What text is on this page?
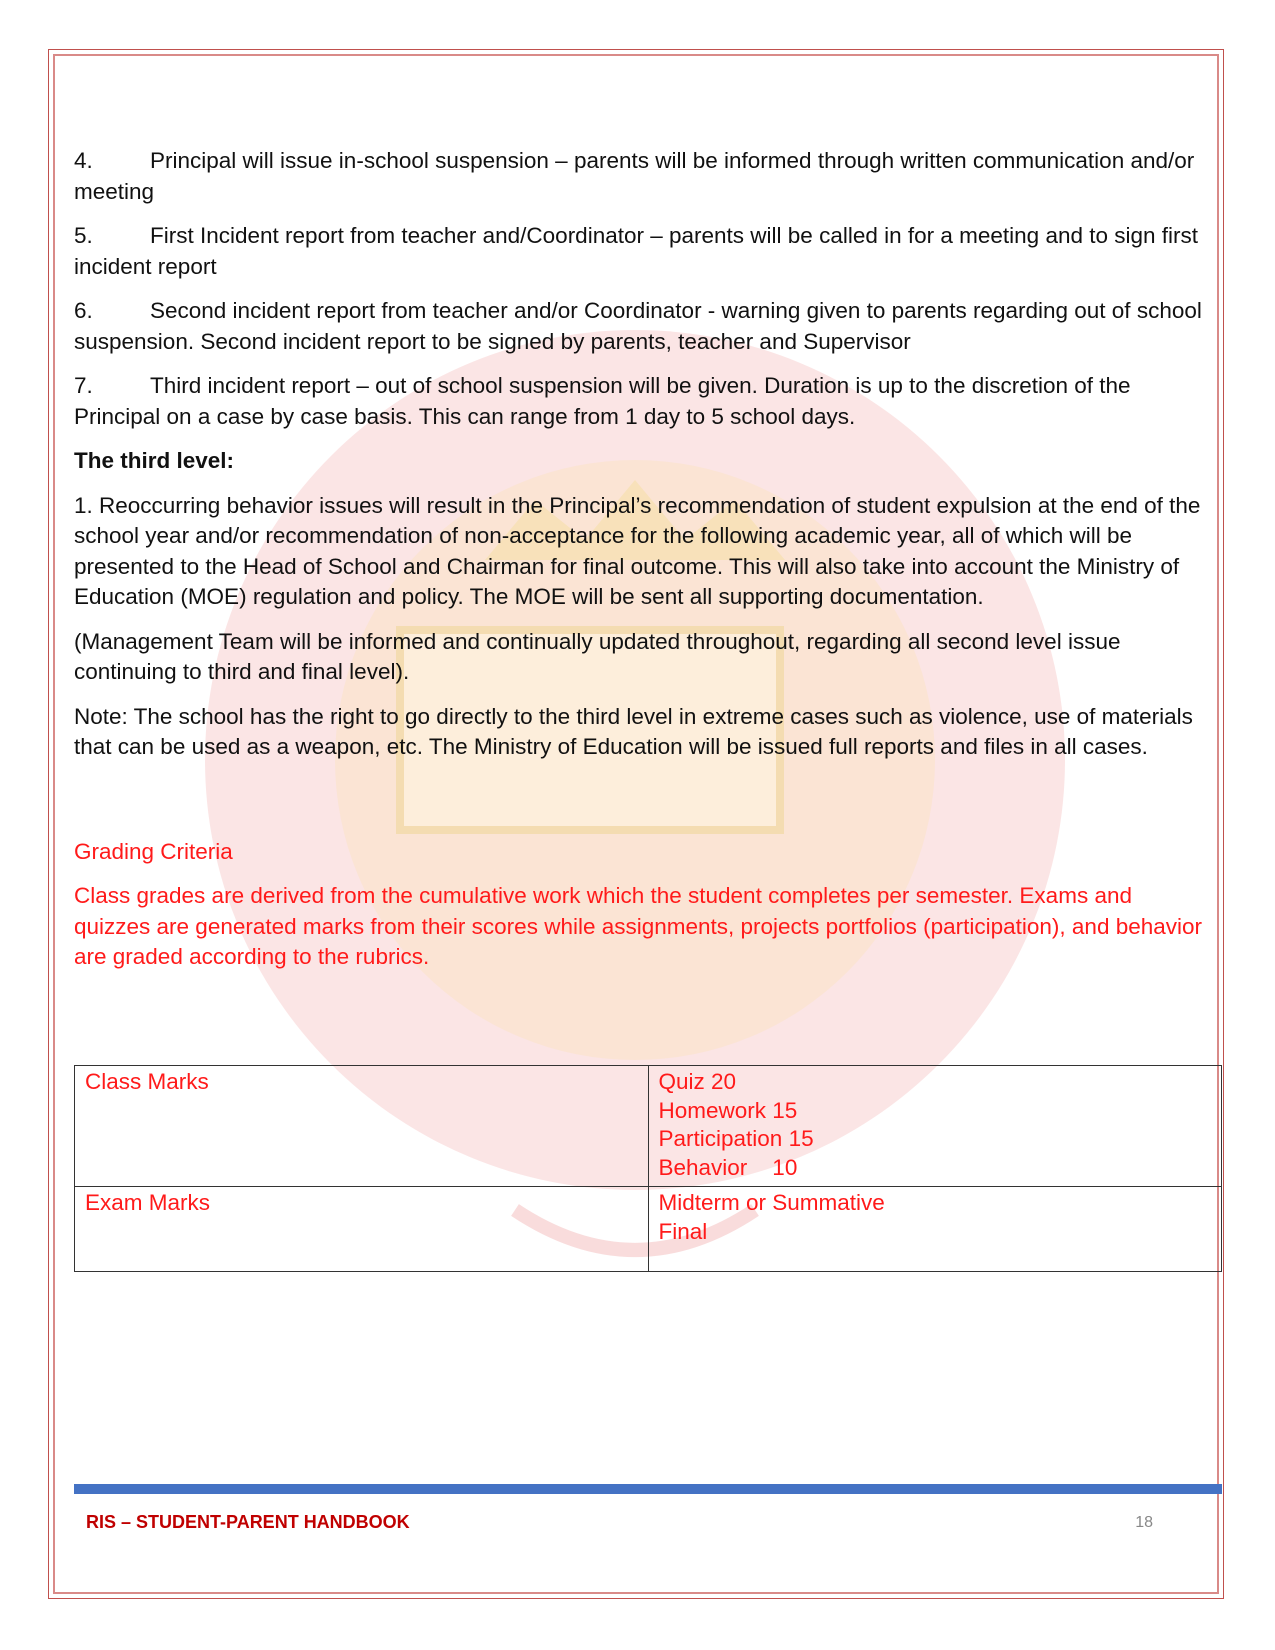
4.	Principal will issue in-school suspension – parents will be informed through written communication and/or meeting

5.	First Incident report from teacher and/Coordinator – parents will be called in for a meeting and to sign first incident report

6.	Second incident report from teacher and/or Coordinator - warning given to parents regarding out of school suspension. Second incident report to be signed by parents, teacher and Supervisor

7.	Third incident report – out of school suspension will be given. Duration is up to the discretion of the Principal on a case by case basis. This can range from 1 day to 5 school days.

The third level:

1. Reoccurring behavior issues will result in the Principal’s recommendation of student expulsion at the end of the school year and/or recommendation of non-acceptance for the following academic year, all of which will be presented to the Head of School and Chairman for final outcome. This will also take into account the Ministry of Education (MOE) regulation and policy. The MOE will be sent all supporting documentation.

(Management Team will be informed and continually updated throughout, regarding all second level issue continuing to third and final level).

Note: The school has the right to go directly to the third level in extreme cases such as violence, use of materials that can be used as a weapon, etc. The Ministry of Education will be issued full reports and files in all cases.

Grading Criteria

Class grades are derived from the cumulative work which the student completes per semester. Exams and quizzes are generated marks from their scores while assignments, projects portfolios (participation), and behavior are graded according to the rubrics.

Class Marks	Quiz 20
Homework 15
Participation 15
Behavior    10

Exam Marks	Midterm or Summative
Final
RIS – STUDENT-PARENT HANDBOOK	18
